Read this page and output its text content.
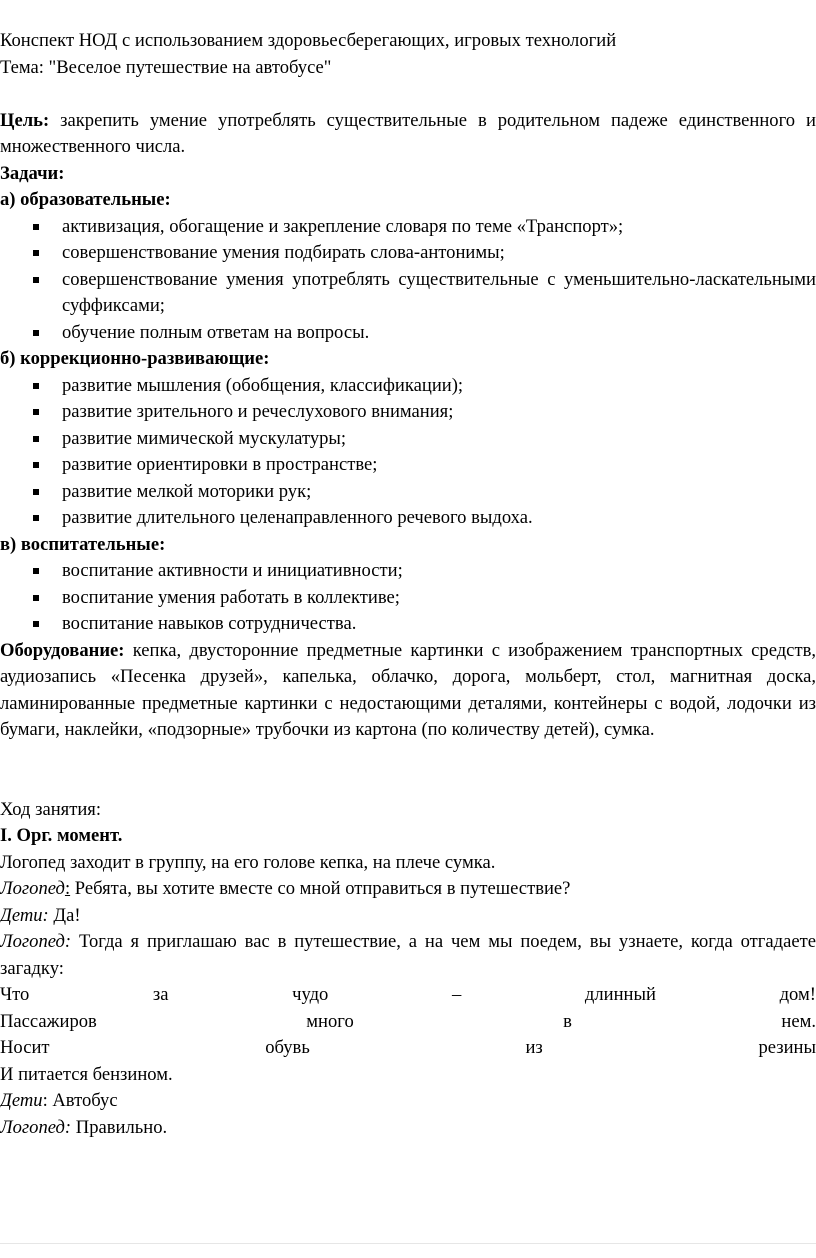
Конспект НОД с использованием здоровьесберегающих, игровых технологий
Тема: "Веселое путешествие на автобусе"
Цель: закрепить умение употреблять существительные в родительном падеже единственного и множественного числа.
Задачи:
а) образовательные:
активизация, обогащение и закрепление словаря по теме «Транспорт»;
совершенствование умения подбирать слова-антонимы;
совершенствование умения употреблять существительные с уменьшительно-ласкательными суффиксами;
обучение полным ответам на вопросы.
б) коррекционно-развивающие:
развитие мышления (обобщения, классификации);
развитие зрительного и речеслухового внимания;
развитие мимической мускулатуры;
развитие ориентировки в пространстве;
развитие мелкой моторики рук;
развитие длительного целенаправленного речевого выдоха.
в) воспитательные:
воспитание активности и инициативности;
воспитание умения работать в коллективе;
воспитание навыков сотрудничества.
Оборудование: кепка, двусторонние предметные картинки с изображением транспортных средств, аудиозапись «Песенка друзей», капелька, облачко, дорога, мольберт, стол, магнитная доска, ламинированные предметные картинки с недостающими деталями, контейнеры с водой, лодочки из бумаги, наклейки, «подзорные» трубочки из картона (по количеству детей), сумка.
Ход занятия:
I. Орг. момент.
Логопед заходит в группу, на его голове кепка, на плече сумка.
Логопед: Ребята, вы хотите вместе со мной отправиться в путешествие?
Дети: Да!
Логопед: Тогда я приглашаю вас в путешествие, а на чем мы поедем, вы узнаете, когда отгадаете загадку:
Что	за	чудо	–	длинный	дом!
Пассажиров	много	в	нем.
Носит	обувь	из	резины
И питается бензином.
Дети: Автобус
Логопед: Правильно.
